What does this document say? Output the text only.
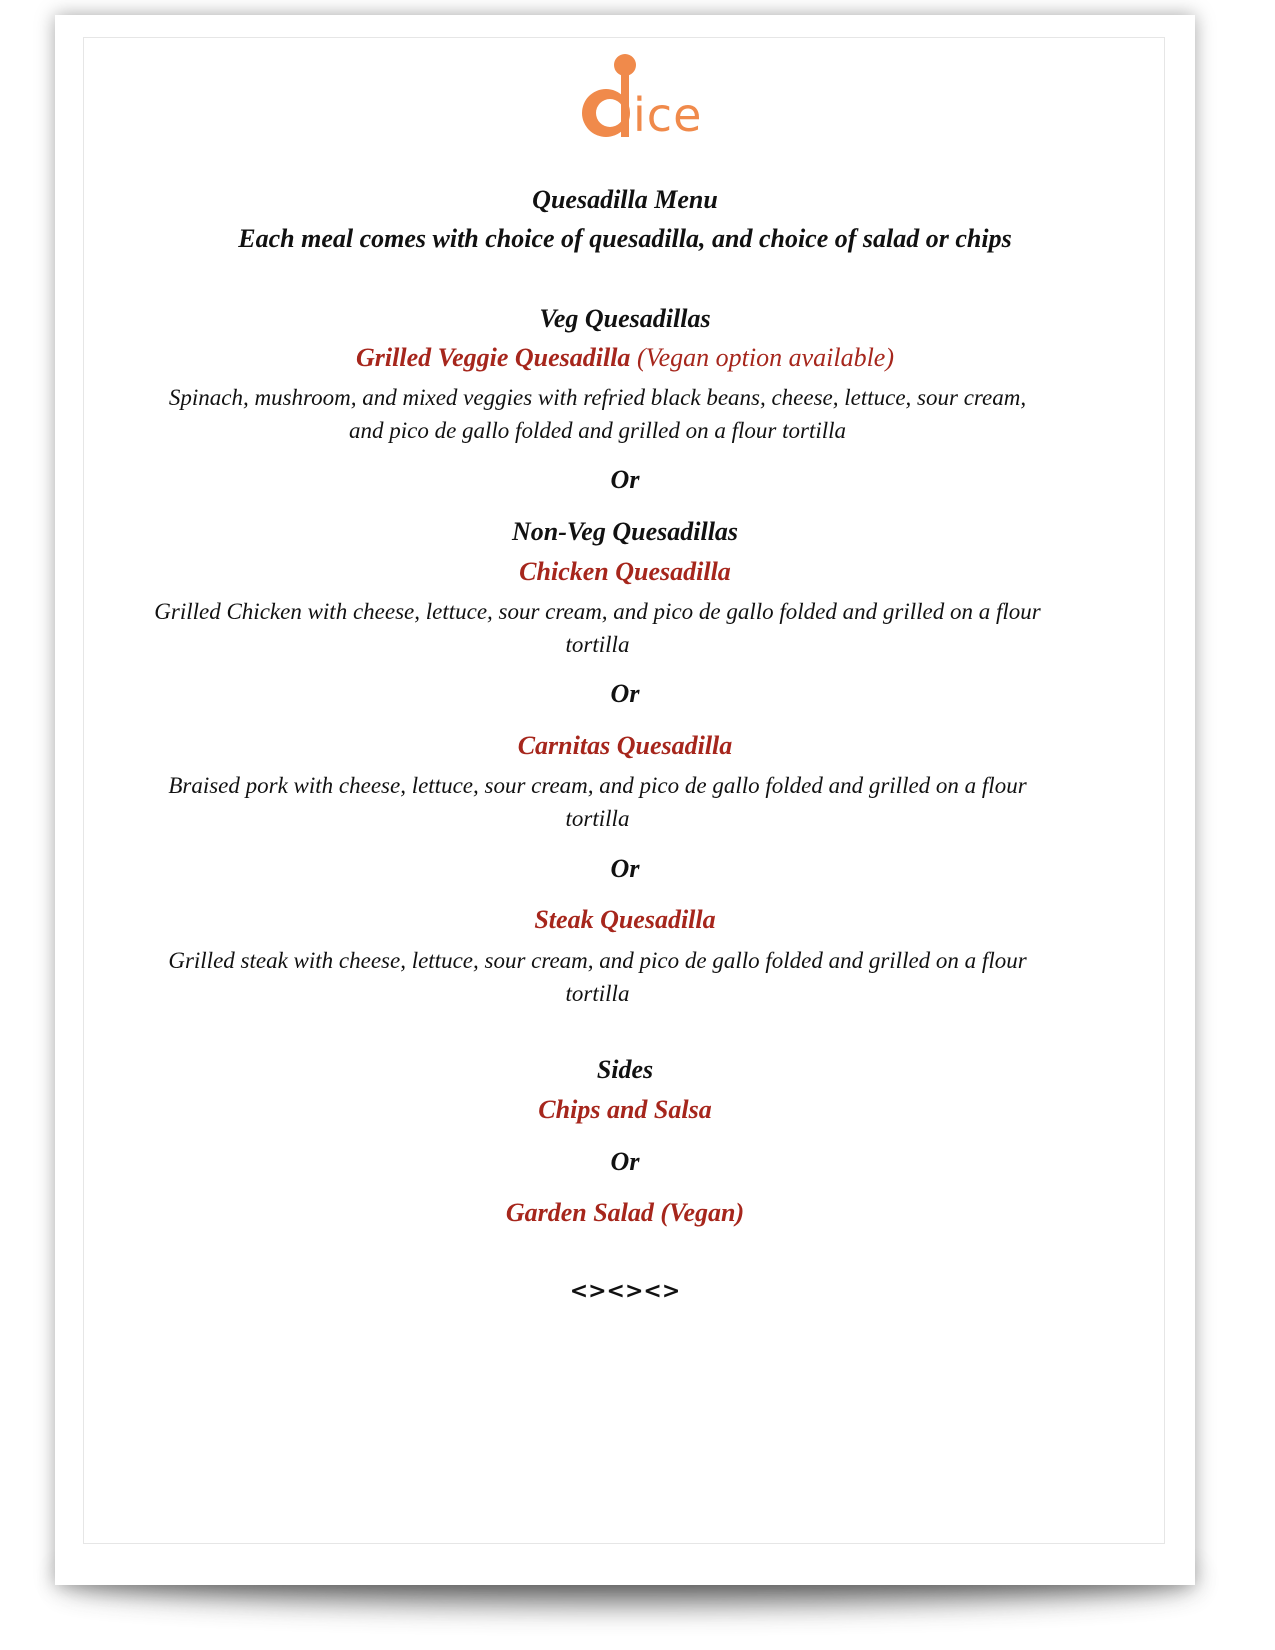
ice
Quesadilla Menu
Each meal comes with choice of quesadilla, and choice of salad or chips
Veg Quesadillas
Grilled Veggie Quesadilla (Vegan option available)
Spinach, mushroom, and mixed veggies with refried black beans, cheese, lettuce, sour cream, and pico de gallo folded and grilled on a flour tortilla
Or
Non-Veg Quesadillas
Chicken Quesadilla
Grilled Chicken with cheese, lettuce, sour cream, and pico de gallo folded and grilled on a flour tortilla
Or
Carnitas Quesadilla
Braised pork with cheese, lettuce, sour cream, and pico de gallo folded and grilled on a flour tortilla
Or
Steak Quesadilla
Grilled steak with cheese, lettuce, sour cream, and pico de gallo folded and grilled on a flour tortilla
Sides
Chips and Salsa
Or
Garden Salad (Vegan)
<><><>
